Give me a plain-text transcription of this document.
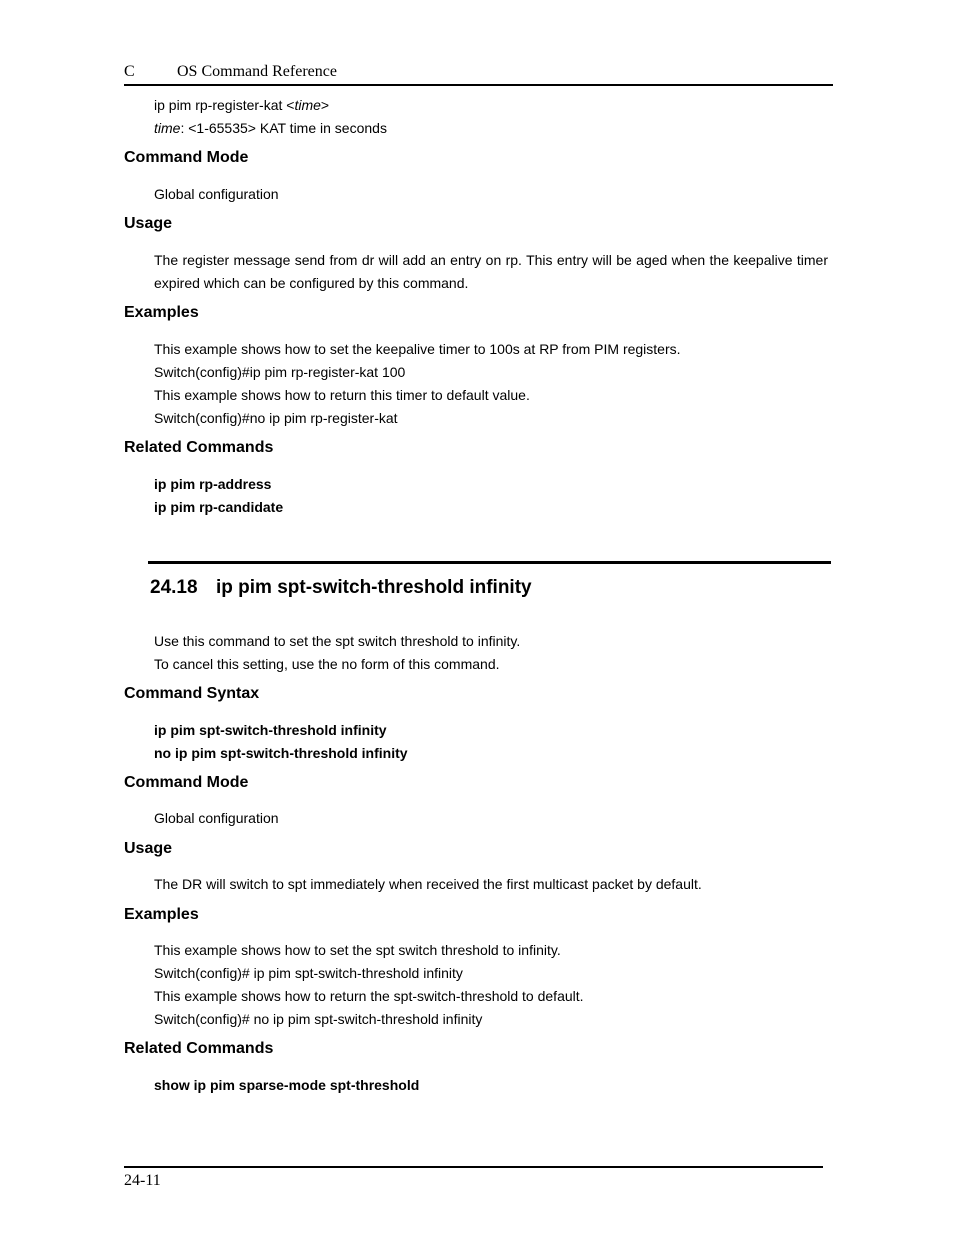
C	OS Command Reference
ip pim rp-register-kat <time>
time: <1-65535> KAT time in seconds
Command Mode
Global configuration
Usage
The register message send from dr will add an entry on rp. This entry will be aged when the keepalive timer expired which can be configured by this command.
Examples
This example shows how to set the keepalive timer to 100s at RP from PIM registers.
Switch(config)#ip pim rp-register-kat 100
This example shows how to return this timer to default value.
Switch(config)#no ip pim rp-register-kat
Related Commands
ip pim rp-address
ip pim rp-candidate
24.18 ip pim spt-switch-threshold infinity
Use this command to set the spt switch threshold to infinity.
To cancel this setting, use the no form of this command.
Command Syntax
ip pim spt-switch-threshold infinity
no ip pim spt-switch-threshold infinity
Command Mode
Global configuration
Usage
The DR will switch to spt immediately when received the first multicast packet by default.
Examples
This example shows how to set the spt switch threshold to infinity.
Switch(config)# ip pim spt-switch-threshold infinity
This example shows how to return the spt-switch-threshold to default.
Switch(config)# no ip pim spt-switch-threshold infinity
Related Commands
show ip pim sparse-mode spt-threshold
24-11
